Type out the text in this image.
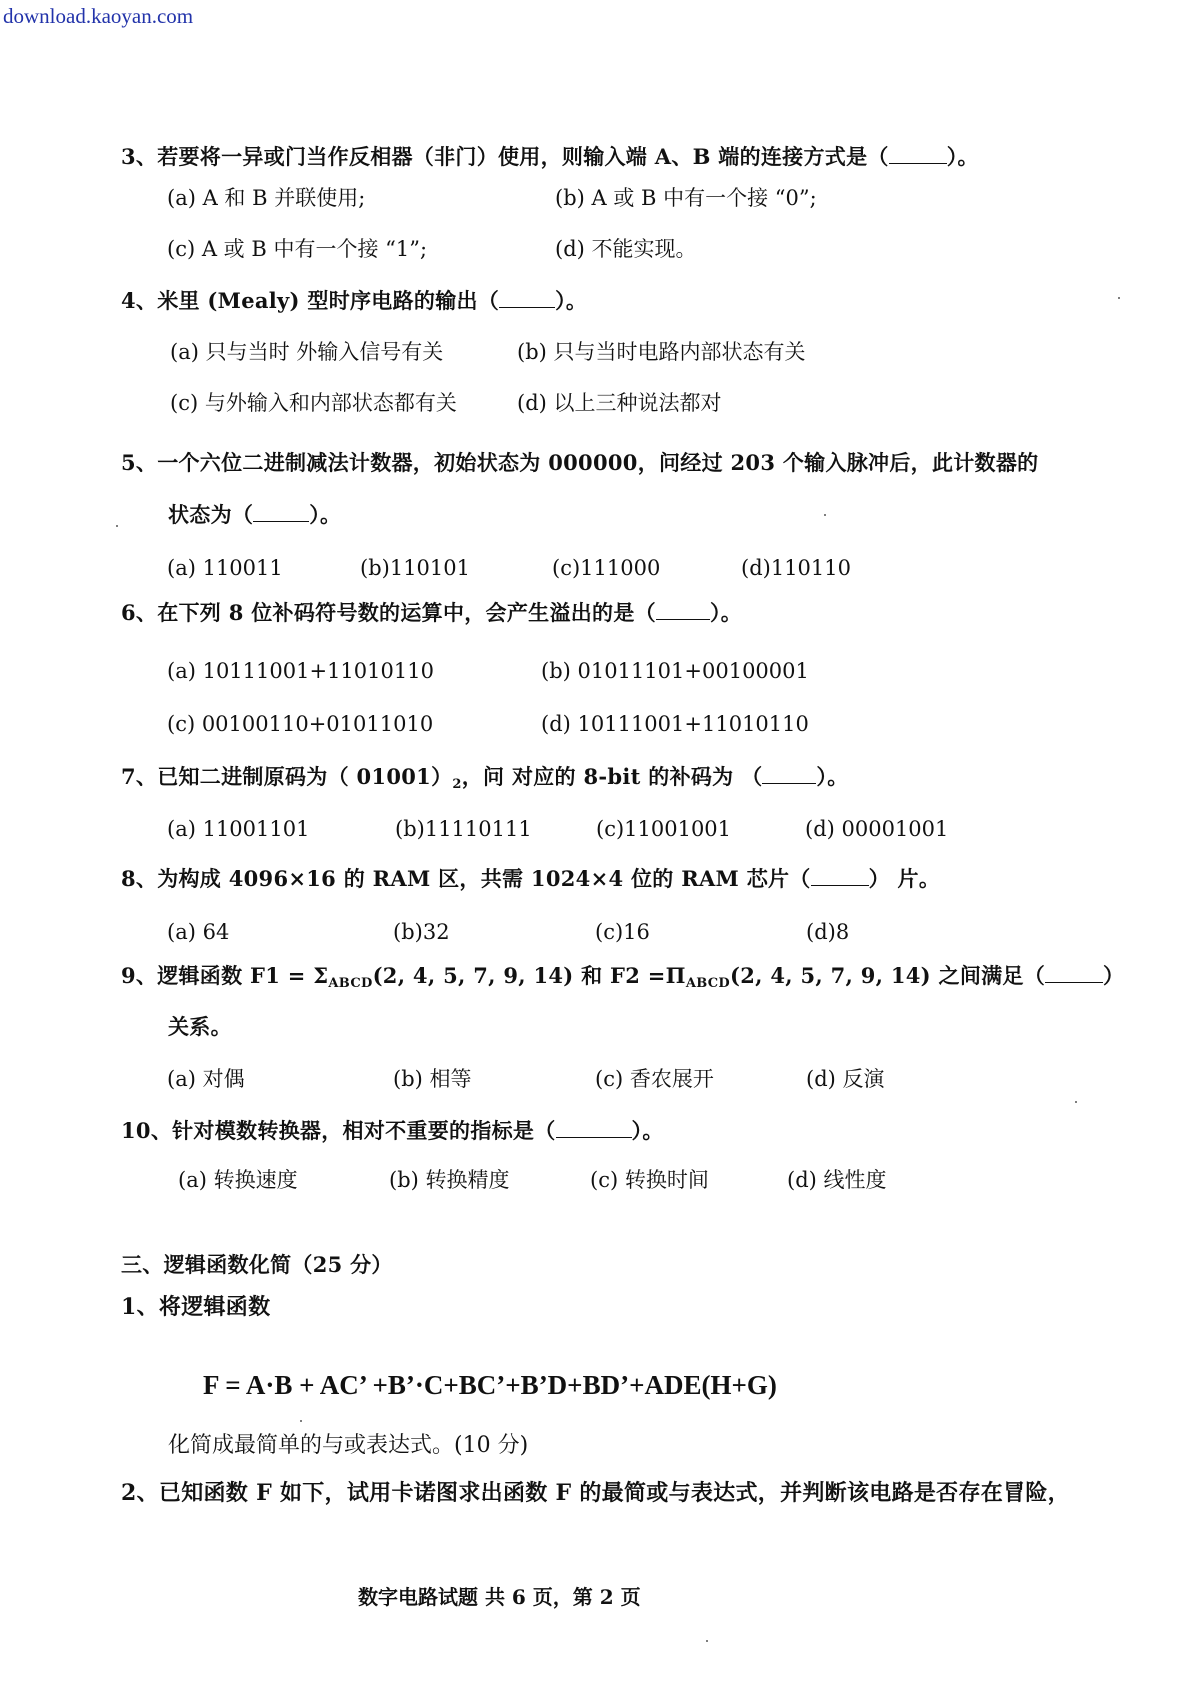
download.kaoyan.com
3、若要将一异或门当作反相器（非门）使用，则输入端 A、B 端的连接方式是（	）。
(a) A 和 B 并联使用;	(b) A 或 B 中有一个接 “0”;
(c) A 或 B 中有一个接 “1”;	(d) 不能实现。
4、米里 (Mealy) 型时序电路的输出（	）。
(a) 只与当时 外输入信号有关	(b) 只与当时电路内部状态有关
(c) 与外输入和内部状态都有关	(d) 以上三种说法都对
5、一个六位二进制减法计数器，初始状态为 000000，问经过 203 个输入脉冲后，此计数器的
状态为（	）。
(a) 110011	(b)110101	(c)111000	(d)110110
6、在下列 8 位补码符号数的运算中，会产生溢出的是（	）。
(a) 10111001+11010110	(b) 01011101+00100001
(c) 00100110+01011010	(d) 10111001+11010110
7、已知二进制原码为（ $01001)_2$，问 对应的 8-bit 的补码为 （	）。
(a) 11001101	(b)11110111	(c)11001001	(d) 00001001
8、为构成 4096×16 的 RAM 区，共需 1024×4 位的 RAM 芯片（	） 片。
(a) 64	(b)32	(c)16	(d)8
9、逻辑函数 $F1 = \Sigma_{ABCD}(2$, 4, 5, 7, 9, 14) 和 $F2 =\Pi_{ABCD}(2$, 4, 5, 7, 9, 14) 之间满足（	）
关系。
(a) 对偶	(b) 相等	(c) 香农展开	(d) 反演
10、针对模数转换器，相对不重要的指标是（	）。
(a) 转换速度	(b) 转换精度	(c) 转换时间	(d) 线性度
三、逻辑函数化简（25 分）
1、将逻辑函数
F = A·B + AC’ +B’·C+BC’+B’D+BD’+ADE(H+G)
化简成最简单的与或表达式。(10 分)
2、已知函数 F 如下，试用卡诺图求出函数 F 的最简或与表达式，并判断该电路是否存在冒险，
数字电路试题 共 6 页，第 2 页
